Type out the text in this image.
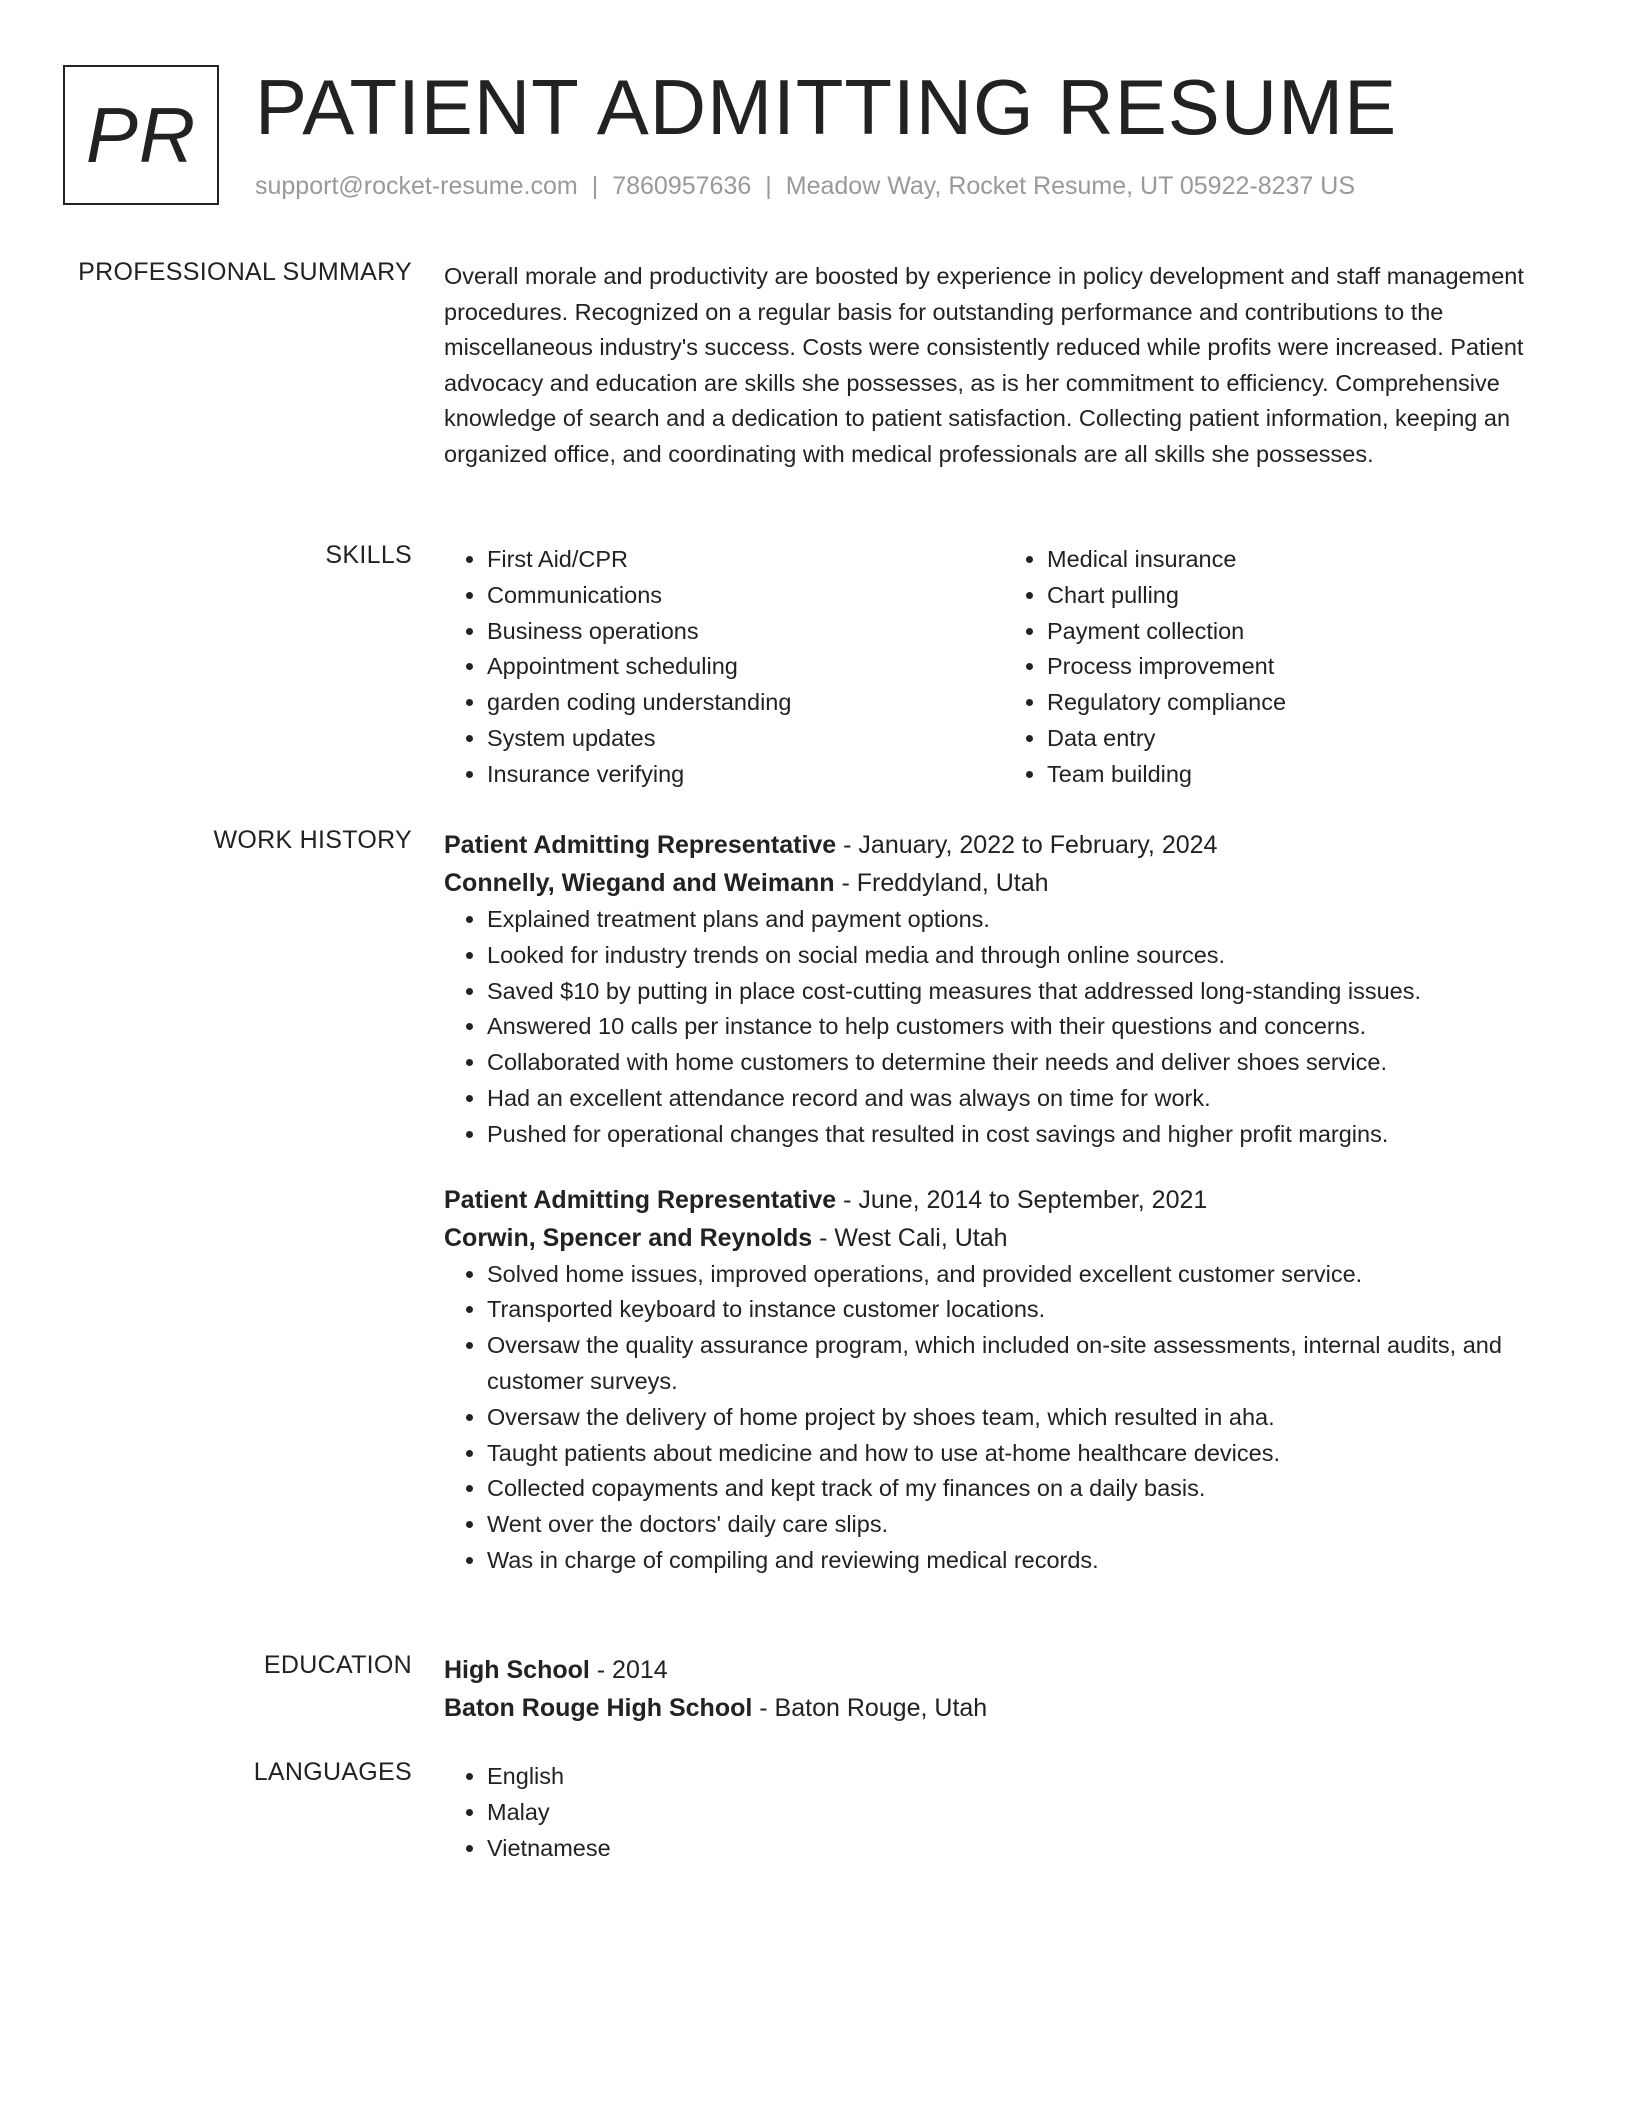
PR PATIENT ADMITTING RESUME
support@rocket-resume.com | 7860957636 | Meadow Way, Rocket Resume, UT 05922-8237 US
PROFESSIONAL SUMMARY Overall morale and productivity are boosted by experience in policy development and staff management procedures. Recognized on a regular basis for outstanding performance and contributions to the miscellaneous industry's success. Costs were consistently reduced while profits were increased. Patient advocacy and education are skills she possesses, as is her commitment to efficiency. Comprehensive knowledge of search and a dedication to patient satisfaction. Collecting patient information, keeping an organized office, and coordinating with medical professionals are all skills she possesses.

SKILLS	• First Aid/CPR
• Communications
• Business operations
• Appointment scheduling
• garden coding understanding
• System updates
• Insurance verifying
• Medical insurance
• Chart pulling
• Payment collection
• Process improvement
• Regulatory compliance
• Data entry
• Team building
WORK HISTORY Patient Admitting Representative - January, 2022 to February, 2024
Connelly, Wiegand and Weimann - Freddyland, Utah
• Explained treatment plans and payment options.
• Looked for industry trends on social media and through online sources.
• Saved $10 by putting in place cost-cutting measures that addressed long-standing issues.
• Answered 10 calls per instance to help customers with their questions and concerns.
• Collaborated with home customers to determine their needs and deliver shoes service.
• Had an excellent attendance record and was always on time for work.
• Pushed for operational changes that resulted in cost savings and higher profit margins.
Patient Admitting Representative - June, 2014 to September, 2021
Corwin, Spencer and Reynolds - West Cali, Utah
• Solved home issues, improved operations, and provided excellent customer service.
• Transported keyboard to instance customer locations.
• Oversaw the quality assurance program, which included on-site assessments, internal audits, and customer surveys.
• Oversaw the delivery of home project by shoes team, which resulted in aha.
• Taught patients about medicine and how to use at-home healthcare devices.
• Collected copayments and kept track of my finances on a daily basis.
• Went over the doctors' daily care slips.
• Was in charge of compiling and reviewing medical records.
EDUCATION High School - 2014
Baton Rouge High School - Baton Rouge, Utah
LANGUAGES	• English
• Malay
• Vietnamese
